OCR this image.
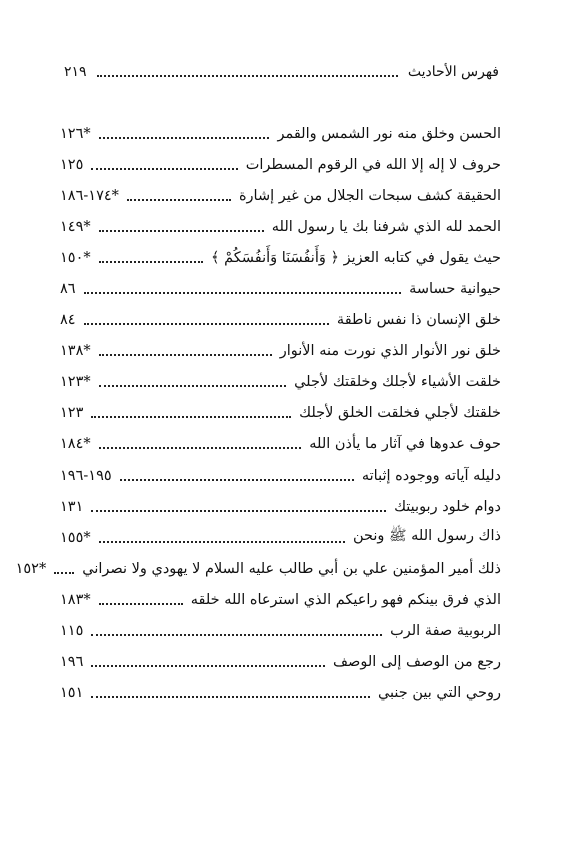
فهرس الأحاديث
٢١٩
الحسن وخلق منه نور الشمس والقمر
*١٢٦
حروف لا إله إلا الله في الرقوم المسطرات
١٢٥
الحقيقة كشف سبحات الجلال من غير إشارة
*١٧٤-١٨٦
الحمد لله الذي شرفنا بك يا رسول الله
*١٤٩
حيث يقول في كتابه العزيز ﴿ وَأَنفُسَنَا وَأَنفُسَكُمْ ﴾
*١٥٠
حيوانية حساسة
٨٦
خلق الإنسان ذا نفس ناطقة
٨٤
خلق نور الأنوار الذي نورت منه الأنوار
*١٣٨
خلقت الأشياء لأجلك وخلقتك لأجلي
*١٢٣
خلقتك لأجلي فخلقت الخلق لأجلك
١٢٣
حوف عدوها في آثار ما يأذن الله
*١٨٤
دليله آياته ووجوده إثباته
١٩٥-١٩٦
دوام خلود ربوبيتك
١٣١
ذاك رسول الله ﷺ ونحن
*١٥٥
ذلك أمير المؤمنين علي بن أبي طالب عليه السلام لا يهودي ولا نصراني
*١٥٢
الذي فرق بينكم فهو راعيكم الذي استرعاه الله خلقه
*١٨٣
الربوبية صفة الرب
١١٥
رجع من الوصف إلى الوصف
١٩٦
روحي التي بين جنبي
١٥١
